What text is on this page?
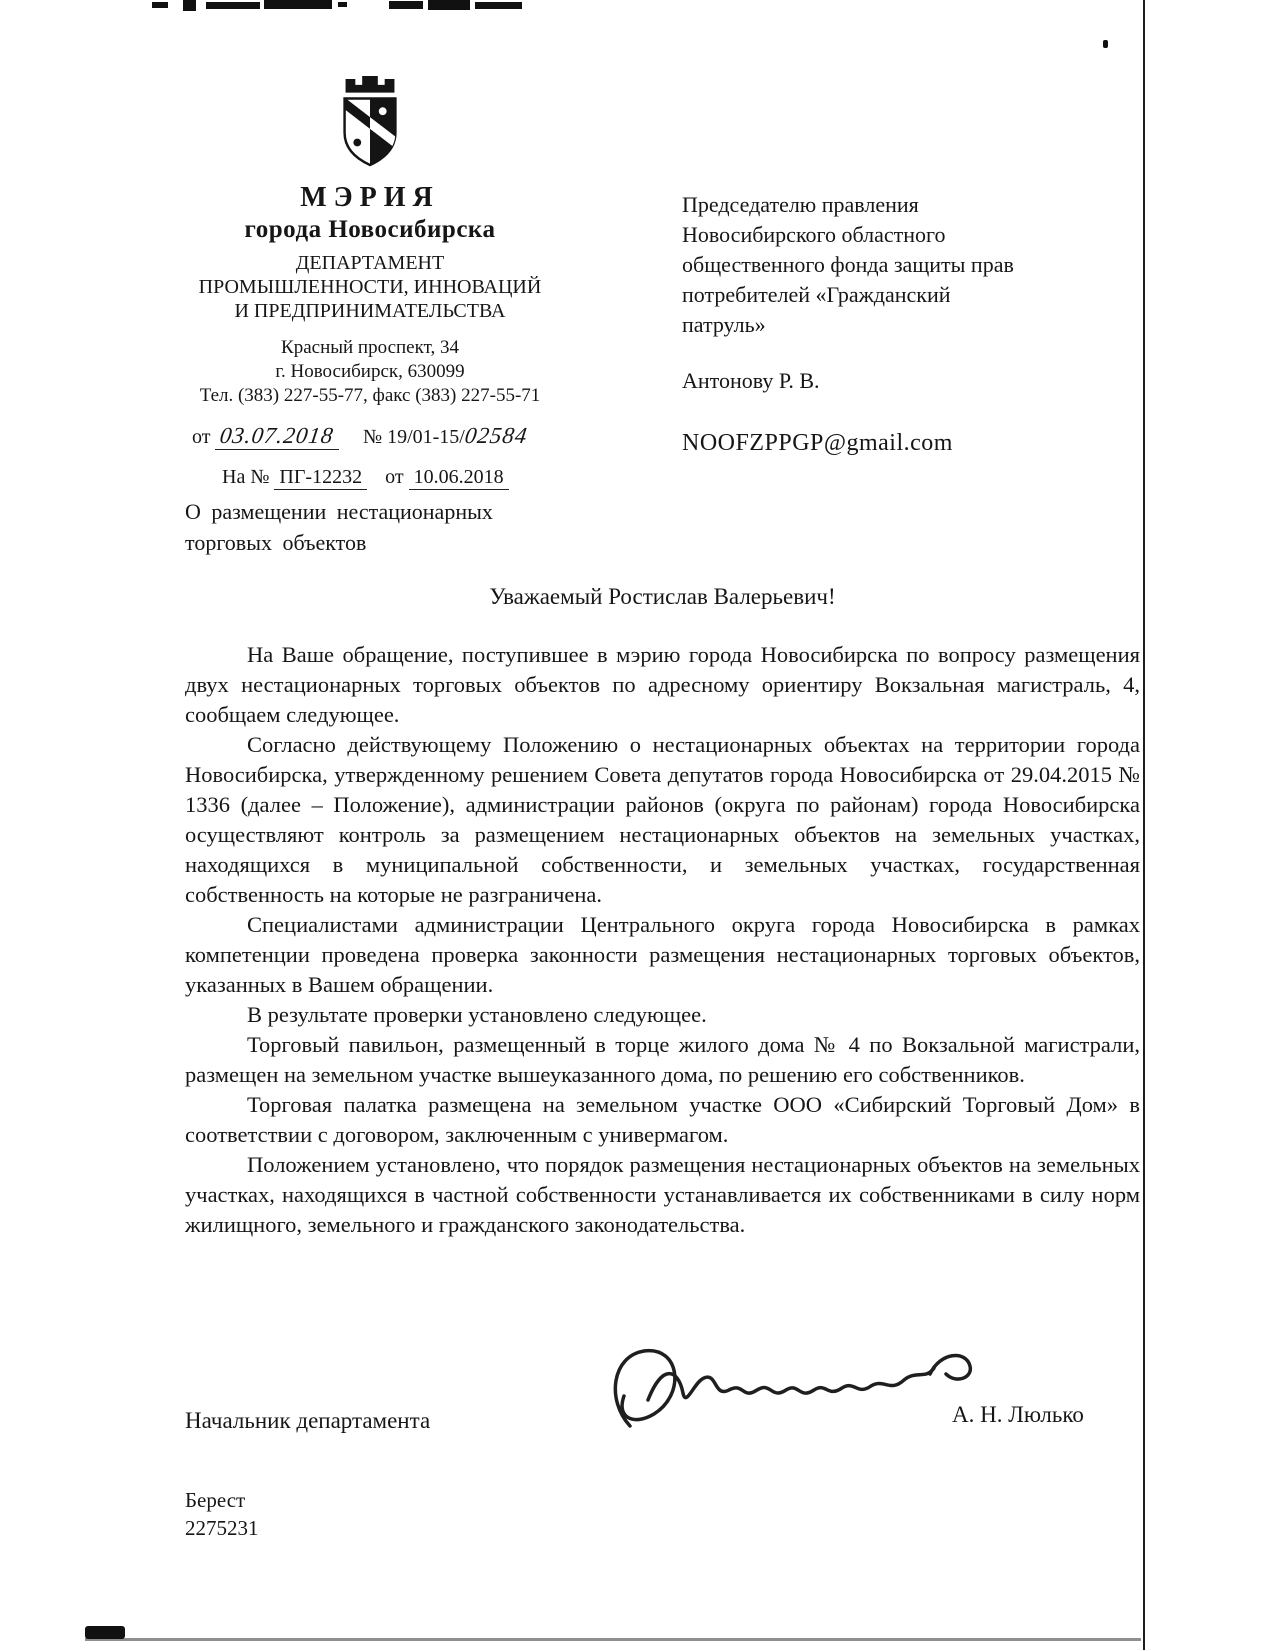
МЭРИЯ
города Новосибирска
ДЕПАРТАМЕНТ
ПРОМЫШЛЕННОСТИ, ИННОВАЦИЙ
И ПРЕДПРИНИМАТЕЛЬСТВА
Красный проспект, 34
г. Новосибирск, 630099
Тел. (383) 227-55-77, факс (383) 227-55-71
от 03.07.2018 № 19/01-15/02584
На № ПГ-12232 от 10.06.2018
Председателю правления
Новосибирского областного
общественного фонда защиты прав
потребителей «Гражданский
патруль»
Антонову Р. В.
NOOFZPPGP@gmail.com
О размещении нестационарных
торговых объектов
Уважаемый Ростислав Валерьевич!

На Ваше обращение, поступившее в мэрию города Новосибирска по вопросу размещения двух нестационарных торговых объектов по адресному ориентиру Вокзальная магистраль, 4, сообщаем следующее.

Согласно действующему Положению о нестационарных объектах на территории города Новосибирска, утвержденному решением Совета депутатов города Новосибирска от 29.04.2015 № 1336 (далее – Положение), администрации районов (округа по районам) города Новосибирска осуществляют контроль за размещением нестационарных объектов на земельных участках, находящихся в муниципальной собственности, и земельных участках, государственная собственность на которые не разграничена.

Специалистами администрации Центрального округа города Новосибирска в рамках компетенции проведена проверка законности размещения нестационарных торговых объектов, указанных в Вашем обращении.

В результате проверки установлено следующее.

Торговый павильон, размещенный в торце жилого дома № 4 по Вокзальной магистрали, размещен на земельном участке вышеуказанного дома, по решению его собственников.

Торговая палатка размещена на земельном участке ООО «Сибирский Торговый Дом» в соответствии с договором, заключенным с универмагом.

Положением установлено, что порядок размещения нестационарных объектов на земельных участках, находящихся в частной собственности устанавливается их собственниками в силу норм жилищного, земельного и гражданского законодательства.

Начальник департамента	А. Н. Люлько
Берест
2275231
